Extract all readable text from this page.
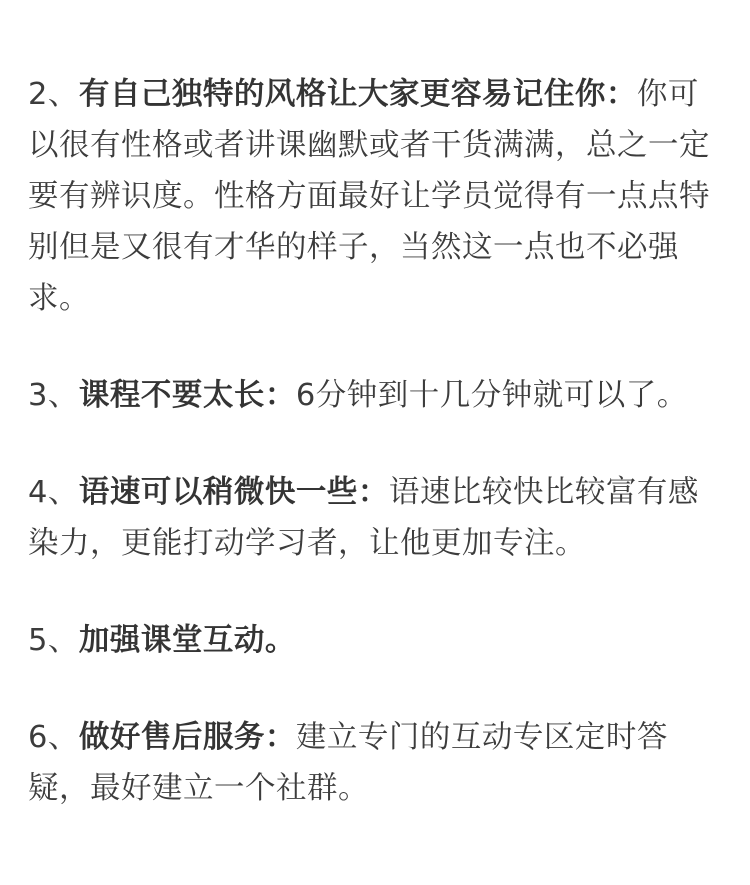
2、有自己独特的风格让大家更容易记住你：你可以很有性格或者讲课幽默或者干货满满，总之一定要有辨识度。性格方面最好让学员觉得有一点点特别但是又很有才华的样子，当然这一点也不必强求。

3、课程不要太长：6分钟到十几分钟就可以了。

4、语速可以稍微快一些：语速比较快比较富有感染力，更能打动学习者，让他更加专注。

5、加强课堂互动。

6、做好售后服务：建立专门的互动专区定时答疑，最好建立一个社群。
